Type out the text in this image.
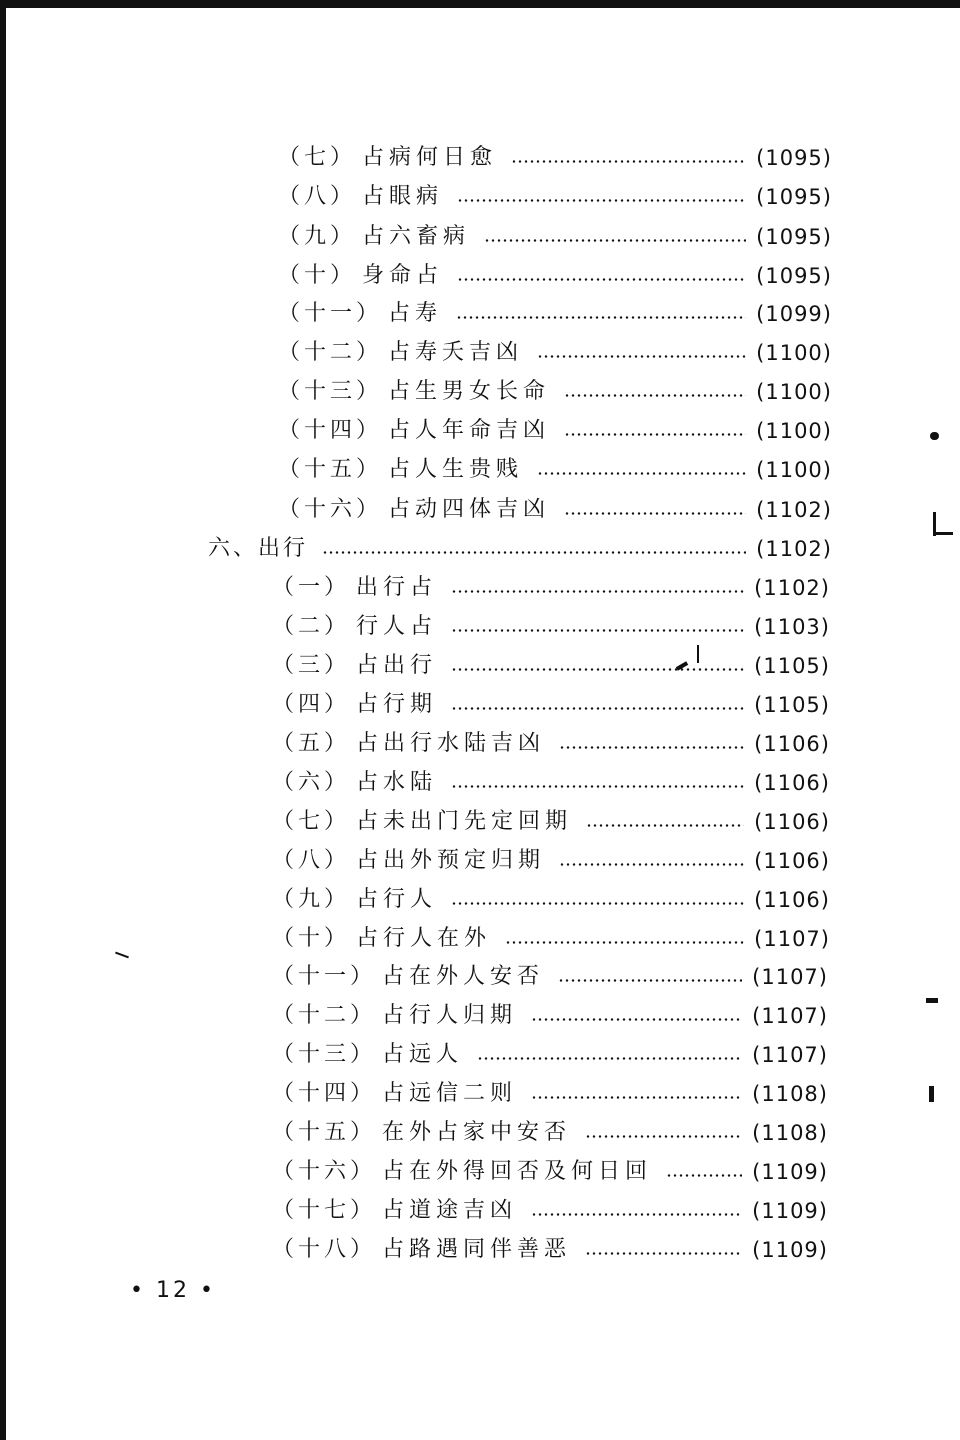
（七） 占病何日愈	(1095)
（八） 占眼病	(1095)
（九） 占六畜病	(1095)
（十） 身命占	(1095)
（十一） 占寿	(1099)
（十二） 占寿夭吉凶	(1100)
（十三） 占生男女长命	(1100)
（十四） 占人年命吉凶	(1100)
（十五） 占人生贵贱	(1100)
（十六） 占动四体吉凶	(1102)
六、出行	(1102)
（一） 出行占	(1102)
（二） 行人占	(1103)
（三） 占出行	(1105)
（四） 占行期	(1105)
（五） 占出行水陆吉凶	(1106)
（六） 占水陆	(1106)
（七） 占未出门先定回期	(1106)
（八） 占出外预定归期	(1106)
（九） 占行人	(1106)
（十） 占行人在外	(1107)
（十一） 占在外人安否	(1107)
（十二） 占行人归期	(1107)
（十三） 占远人	(1107)
（十四） 占远信二则	(1108)
（十五） 在外占家中安否	(1108)
（十六） 占在外得回否及何日回	(1109)
（十七） 占道途吉凶	(1109)
（十八） 占路遇同伴善恶	(1109)
• 12 •
